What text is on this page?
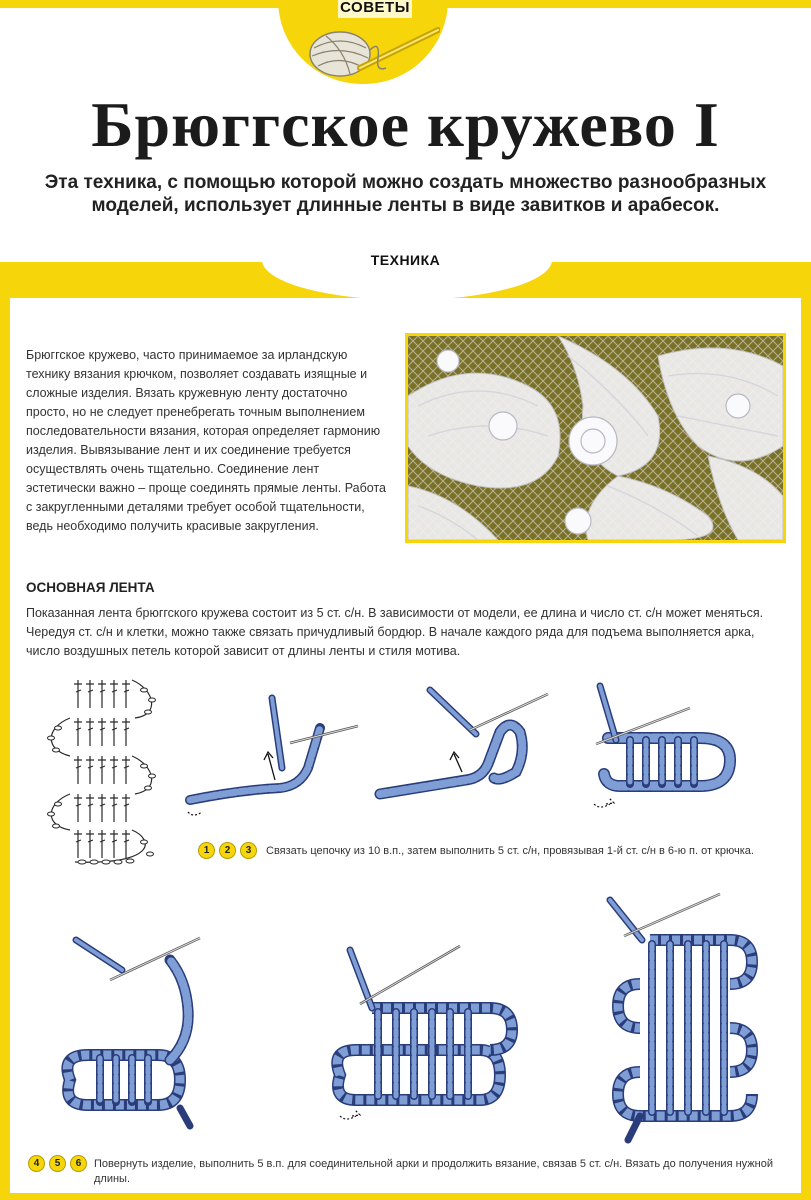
СОВЕТЫ
Брюггское кружево I

Эта техника, с помощью которой можно создать множество разнообразных моделей, использует длинные ленты в виде завитков и арабесок.

ТЕХНИКА

Брюггское кружево, часто принимаемое за ирландскую технику вязания крючком, позволяет создавать изящные и сложные изделия. Вязать кружевную ленту достаточно просто, но не следует пренебрегать точным выполнением последовательности вязания, которая определяет гармонию изделия. Вывязывание лент и их соединение требуется осуществлять очень тщательно. Соединение лент эстетически важно – проще соединять прямые ленты. Работа с закругленными деталями требует особой тщательности, ведь необходимо получить красивые закругления.

ОСНОВНАЯ ЛЕНТА

Показанная лента брюггского кружева состоит из 5 ст. с/н. В зависимости от модели, ее длина и число ст. с/н может меняться. Чередуя ст. с/н и клетки, можно также связать причудливый бордюр. В начале каждого ряда для подъема выполняется арка, число воздушных петель которой зависит от длины ленты и стиля мотива.

1	2	3	Связать цепочку из 10 в.п., затем выполнить 5 ст. с/н, провязывая 1-й ст. с/н в 6-ю п. от крючка.

4	5	6	Повернуть изделие, выполнить 5 в.п. для соединительной арки и продолжить вязание, связав 5 ст. с/н. Вязать до получения нужной длины.
